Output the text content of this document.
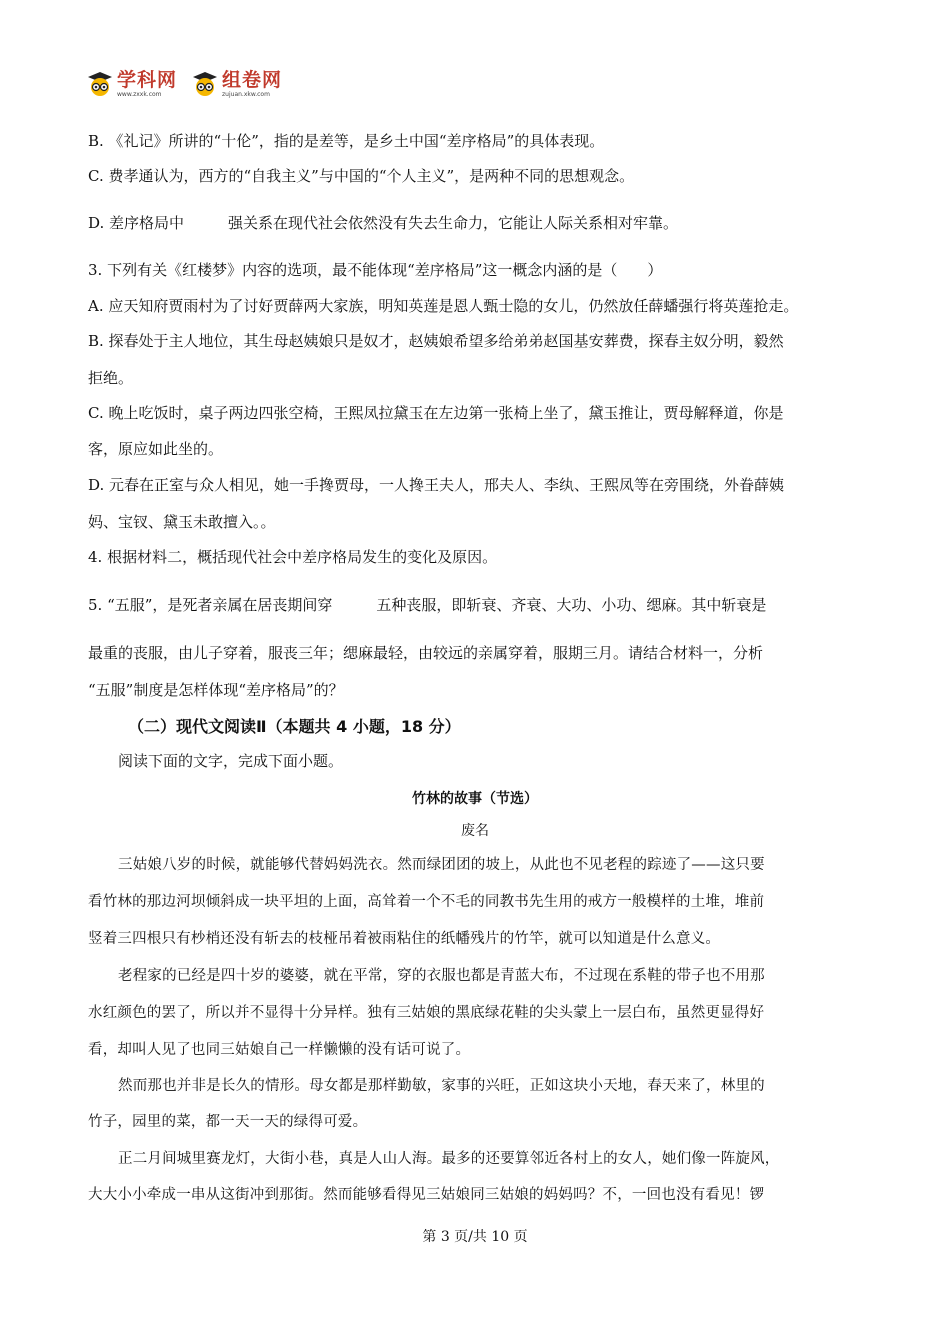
学科网
www.zxxk.com
组卷网
zujuan.xkw.com
B. 《礼记》所讲的“十伦”，指的是差等，是乡土中国“差序格局”的具体表现。
C. 费孝通认为，西方的“自我主义”与中国的“个人主义”，是两种不同的思想观念。
D. 差序格局中	强关系在现代社会依然没有失去生命力，它能让人际关系相对牢靠。
3. 下列有关《红楼梦》内容的选项，最不能体现“差序格局”这一概念内涵的是（　　）
A. 应天知府贾雨村为了讨好贾薛两大家族，明知英莲是恩人甄士隐的女儿，仍然放任薛蟠强行将英莲抢走。
B. 探春处于主人地位，其生母赵姨娘只是奴才，赵姨娘希望多给弟弟赵国基安葬费，探春主奴分明，毅然
拒绝。
C. 晚上吃饭时，桌子两边四张空椅，王熙凤拉黛玉在左边第一张椅上坐了，黛玉推让，贾母解释道，你是
客，原应如此坐的。
D. 元春在正室与众人相见，她一手搀贾母，一人搀王夫人，邢夫人、李纨、王熙凤等在旁围绕，外眷薛姨
妈、宝钗、黛玉未敢擅入。。
4. 根据材料二，概括现代社会中差序格局发生的变化及原因。
5. “五服”，是死者亲属在居丧期间穿	五种丧服，即斩衰、齐衰、大功、小功、缌麻。其中斩衰是
最重的丧服，由儿子穿着，服丧三年；缌麻最轻，由较远的亲属穿着，服期三月。请结合材料一，分析
“五服”制度是怎样体现“差序格局”的？
（二）现代文阅读Ⅱ（本题共 4 小题，18 分）
阅读下面的文字，完成下面小题。
竹林的故事（节选）
废名
三姑娘八岁的时候，就能够代替妈妈洗衣。然而绿团团的坡上，从此也不见老程的踪迹了——这只要
看竹林的那边河坝倾斜成一块平坦的上面，高耸着一个不毛的同教书先生用的戒方一般模样的土堆，堆前
竖着三四根只有杪梢还没有斩去的枝桠吊着被雨粘住的纸幡残片的竹竿，就可以知道是什么意义。
老程家的已经是四十岁的婆婆，就在平常，穿的衣服也都是青蓝大布，不过现在系鞋的带子也不用那
水红颜色的罢了，所以并不显得十分异样。独有三姑娘的黑底绿花鞋的尖头蒙上一层白布，虽然更显得好
看，却叫人见了也同三姑娘自己一样懒懒的没有话可说了。
然而那也并非是长久的情形。母女都是那样勤敏，家事的兴旺，正如这块小天地，春天来了，林里的
竹子，园里的菜，都一天一天的绿得可爱。
正二月间城里赛龙灯，大街小巷，真是人山人海。最多的还要算邻近各村上的女人，她们像一阵旋风，
大大小小牵成一串从这街冲到那街。然而能够看得见三姑娘同三姑娘的妈妈吗？不，一回也没有看见！锣
第 3 页/共 10 页
